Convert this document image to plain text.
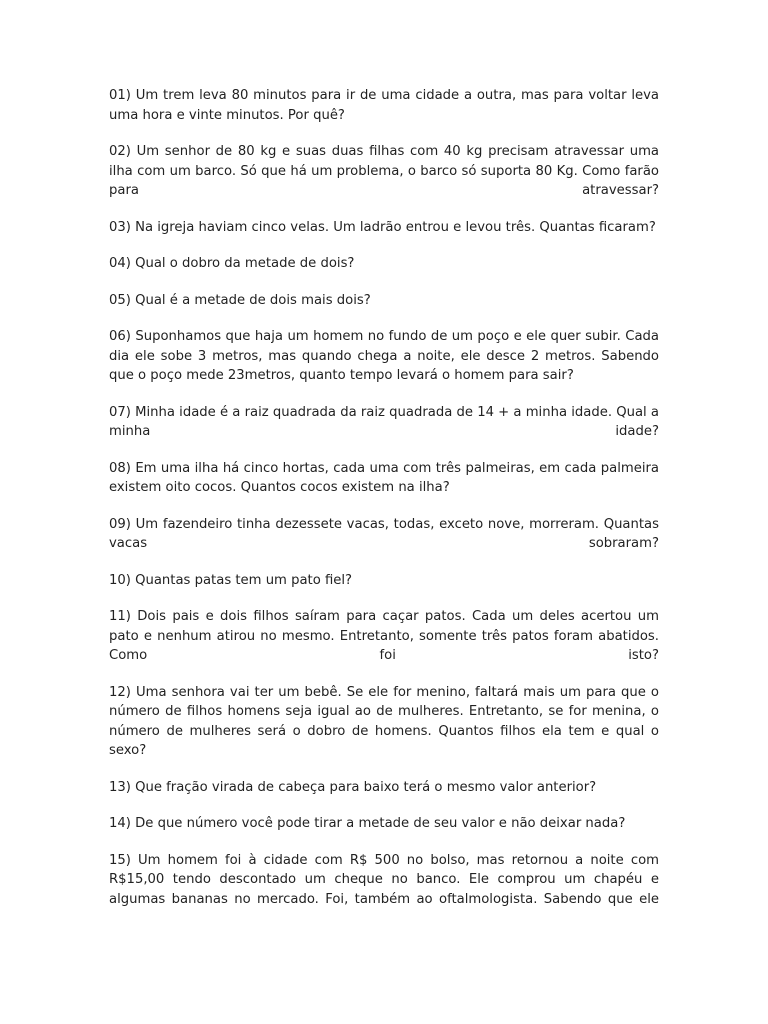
01) Um trem leva 80 minutos para ir de uma cidade a outra, mas para voltar leva uma hora e vinte minutos. Por quê?

02) Um senhor de 80 kg e suas duas filhas com 40 kg precisam atravessar uma ilha com um barco. Só que há um problema, o barco só suporta 80 Kg. Como farão para atravessar?

03) Na igreja haviam cinco velas. Um ladrão entrou e levou três. Quantas ficaram?

04) Qual o dobro da metade de dois?

05) Qual é a metade de dois mais dois?

06) Suponhamos que haja um homem no fundo de um poço e ele quer subir. Cada dia ele sobe 3 metros, mas quando chega a noite, ele desce 2 metros. Sabendo que o poço mede 23metros, quanto tempo levará o homem para sair?

07) Minha idade é a raiz quadrada da raiz quadrada de 14 + a minha idade. Qual a minha idade?

08) Em uma ilha há cinco hortas, cada uma com três palmeiras, em cada palmeira existem oito cocos. Quantos cocos existem na ilha?

09) Um fazendeiro tinha dezessete vacas, todas, exceto nove, morreram. Quantas vacas sobraram?

10) Quantas patas tem um pato fiel?

11) Dois pais e dois filhos saíram para caçar patos. Cada um deles acertou um pato e nenhum atirou no mesmo. Entretanto, somente três patos foram abatidos. Como foi isto?

12) Uma senhora vai ter um bebê. Se ele for menino, faltará mais um para que o número de filhos homens seja igual ao de mulheres. Entretanto, se for menina, o número de mulheres será o dobro de homens. Quantos filhos ela tem e qual o sexo?

13) Que fração virada de cabeça para baixo terá o mesmo valor anterior?

14) De que número você pode tirar a metade de seu valor e não deixar nada?

15) Um homem foi à cidade com R$ 500 no bolso, mas retornou a noite com R$15,00 tendo descontado um cheque no banco. Ele comprou um chapéu e algumas bananas no mercado. Foi, também ao oftalmologista. Sabendo que ele
